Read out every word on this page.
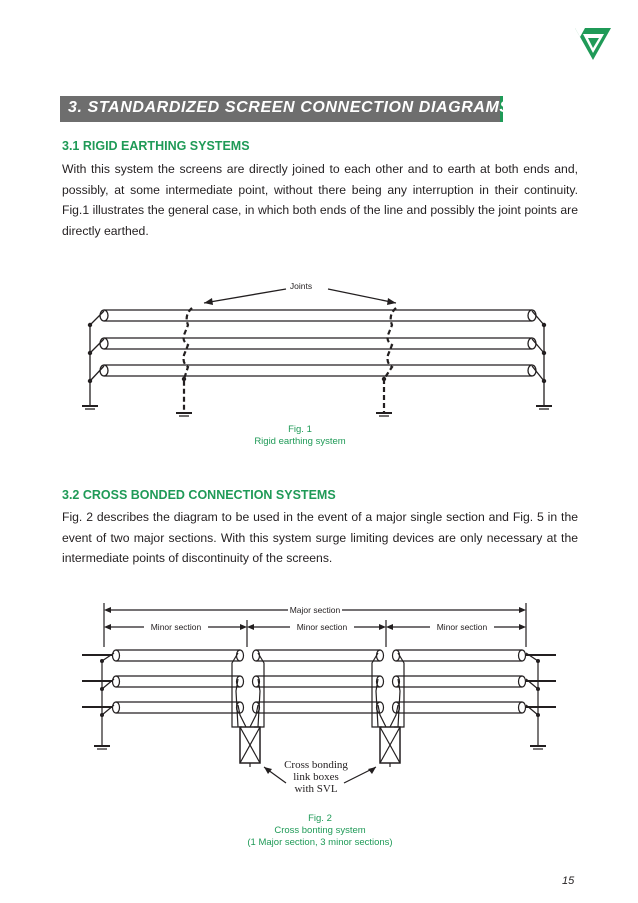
3. STANDARDIZED SCREEN CONNECTION DIAGRAMS
3.1 RIGID EARTHING SYSTEMS

With this system the screens are directly joined to each other and to earth at both ends and, possibly, at some intermediate point, without there being any interruption in their continuity. Fig.1 illustrates the general case, in which both ends of the line and possibly the joint points are directly earthed.

Joints
Fig. 1
Rigid earthing system
3.2 CROSS BONDED CONNECTION SYSTEMS

Fig. 2 describes the diagram to be used in the event of a major single section and Fig. 5 in the event of two major sections. With this system surge limiting devices are only necessary at the intermediate points of discontinuity of the screens.

Major section
Minor section	Minor section	Minor section
Cross bonding
link boxes
with SVL
Fig. 2
Cross bonting system
(1 Major section, 3 minor sections)
15
